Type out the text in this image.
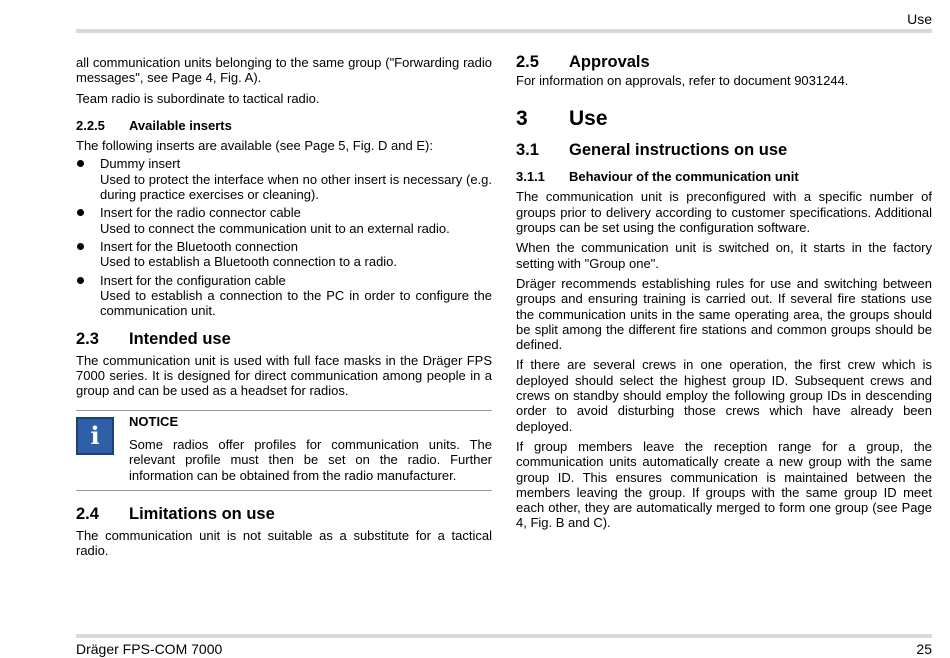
Use

all communication units belonging to the same group ("Forwarding radio messages", see Page 4, Fig. A).

Team radio is subordinate to tactical radio.

2.2.5 Available inserts

The following inserts are available (see Page 5, Fig. D and E):

Dummy insert
Used to protect the interface when no other insert is necessary (e.g. during practice exercises or cleaning).
Insert for the radio connector cable
Used to connect the communication unit to an external radio.
Insert for the Bluetooth connection
Used to establish a Bluetooth connection to a radio.
Insert for the configuration cable
Used to establish a connection to the PC in order to configure the communication unit.
2.3 Intended use

The communication unit is used with full face masks in the Dräger FPS 7000 series. It is designed for direct communication among people in a group and can be used as a headset for radios.

i	NOTICE

Some radios offer profiles for communication units. The relevant profile must then be set on the radio. Further information can be obtained from the radio manufacturer.

2.4 Limitations on use

The communication unit is not suitable as a substitute for a tactical radio.

2.5 Approvals

For information on approvals, refer to document 9031244.

3 Use
3.1 General instructions on use
3.1.1 Behaviour of the communication unit

The communication unit is preconfigured with a specific number of groups prior to delivery according to customer specifications. Additional groups can be set using the configuration software.

When the communication unit is switched on, it starts in the factory setting with "Group one".

Dräger recommends establishing rules for use and switching between groups and ensuring training is carried out. If several fire stations use the communication units in the same operating area, the groups should be split among the different fire stations and common groups should be defined.

If there are several crews in one operation, the first crew which is deployed should select the highest group ID. Subsequent crews and crews on standby should employ the following group IDs in descending order to avoid disturbing those crews which have already been deployed.

If group members leave the reception range for a group, the communication units automatically create a new group with the same group ID. This ensures communication is maintained between the members leaving the group. If groups with the same group ID meet each other, they are automatically merged to form one group (see Page 4, Fig. B and C).

Dräger FPS-COM 7000	25
